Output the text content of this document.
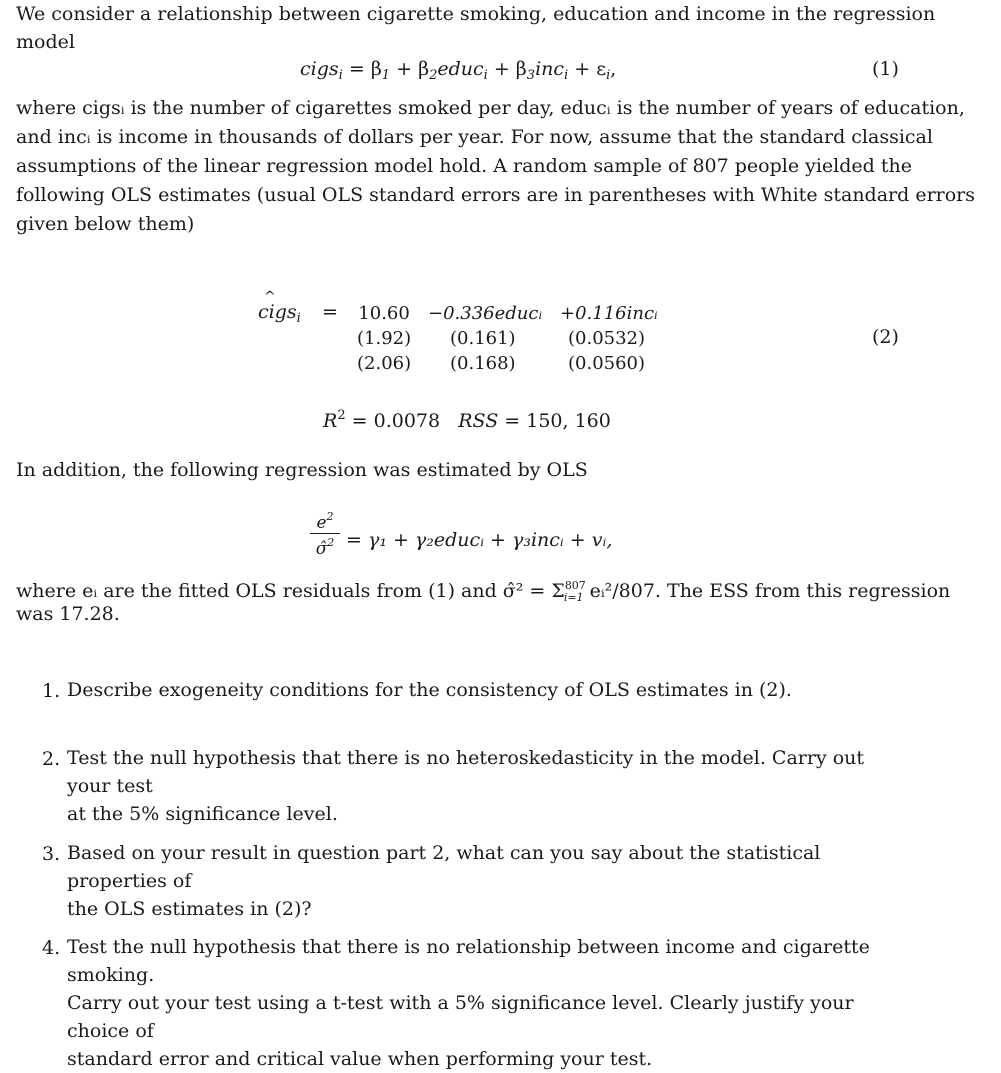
We consider a relationship between cigarette smoking, education and income in the regression
model
cigs$_i$ = $\beta_1$ + $\beta_2educ_i + \beta_3inc_i + \varepsilon_i$,	(1)
where cigsᵢ is the number of cigarettes smoked per day, educᵢ is the number of years of education,
and incᵢ is income in thousands of dollars per year. For now, assume that the standard classical
assumptions of the linear regression model hold. A random sample of 807 people yielded the
following OLS estimates (usual OLS standard errors are in parentheses with White standard errors
given below them)
^
cigs$_i$ = 10.60
(1.92)
(2.06)
−0.336educᵢ
(0.161)
(0.168)
+0.116incᵢ
(0.0532)
(0.0560)
(2)
$R^2 = 0.0078$ RSS = 150, 160
In addition, the following regression was estimated by OLS
$e^2$
σ̂$^2$ = γ₁ + γ₂educᵢ + γ₃incᵢ + vᵢ,
where eᵢ are the fitted OLS residuals from (1) and σ̂² = $\Sigma^{807}_{i=1}$ eᵢ²/807. The ESS from this regression
was 17.28.
1. Describe exogeneity conditions for the consistency of OLS estimates in (2).
2. Test the null hypothesis that there is no heteroskedasticity in the model. Carry out your test
at the 5% significance level.
3. Based on your result in question part 2, what can you say about the statistical properties of
the OLS estimates in (2)?
4. Test the null hypothesis that there is no relationship between income and cigarette smoking.
Carry out your test using a t-test with a 5% significance level. Clearly justify your choice of
standard error and critical value when performing your test.
